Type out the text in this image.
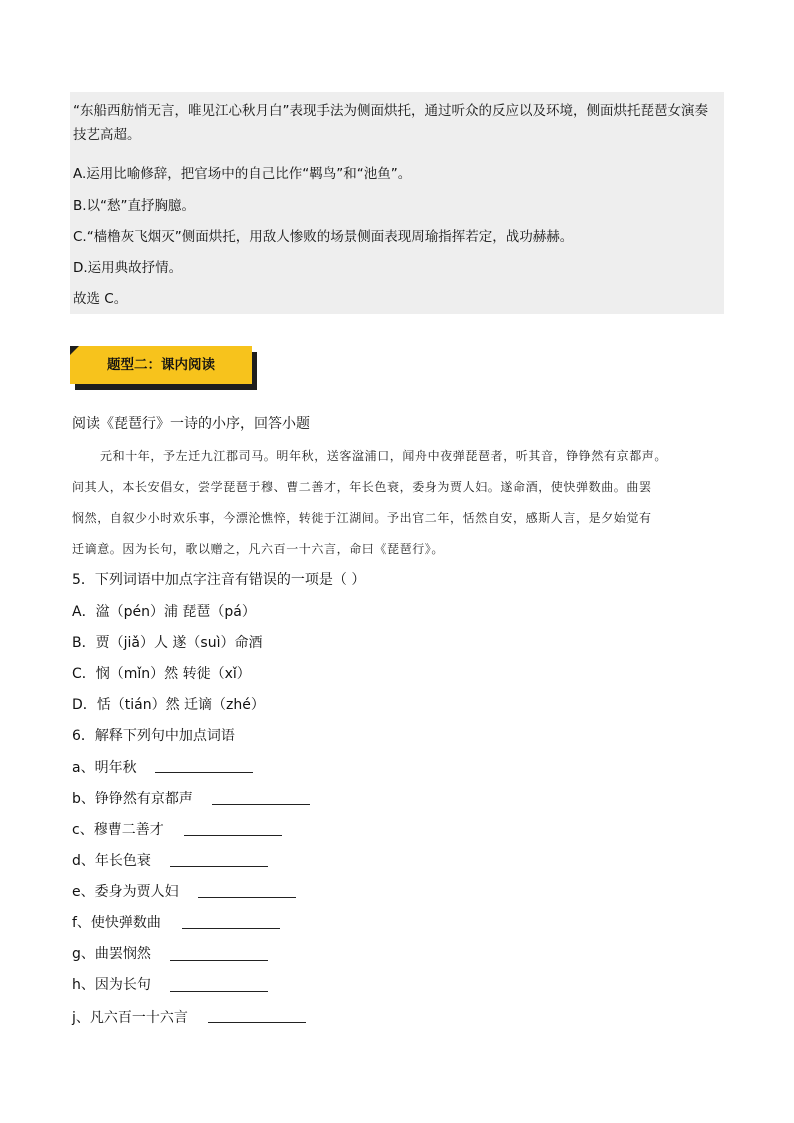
“东船西舫悄无言，唯见江心秋月白”表现手法为侧面烘托，通过听众的反应以及环境，侧面烘托琵琶女演奏
技艺高超。
A.运用比喻修辞，把官场中的自己比作“羁鸟”和“池鱼”。
B.以“愁”直抒胸臆。
C.“樯橹灰飞烟灭”侧面烘托，用敌人惨败的场景侧面表现周瑜指挥若定，战功赫赫。
D.运用典故抒情。
故选 C。
题型二：课内阅读
阅读《琵琶行》一诗的小序，回答小题
元和十年，予左迁九江郡司马。明年秋，送客湓浦口，闻舟中夜弹琵琶者，听其音，铮铮然有京都声。
问其人，本长安倡女，尝学琵琶于穆、曹二善才，年长色衰，委身为贾人妇。遂命酒，使快弹数曲。曲罢
悯然，自叙少小时欢乐事，今漂沦憔悴，转徙于江湖间。予出官二年，恬然自安，感斯人言，是夕始觉有
迁谪意。因为长句，歌以赠之，凡六百一十六言，命曰《琵琶行》。
5．下列词语中加点字注音有错误的一项是（ ）
A．湓（pén）浦 琵琶（pá）
B．贾（jiǎ）人 遂（suì）命酒
C．悯（mǐn）然 转徙（xǐ）
D．恬（tián）然 迁谪（zhé）
6．解释下列句中加点词语
a、明年秋
b、铮铮然有京都声
c、穆曹二善才
d、年长色衰
e、委身为贾人妇
f、使快弹数曲
g、曲罢悯然
h、因为长句
j、凡六百一十六言
